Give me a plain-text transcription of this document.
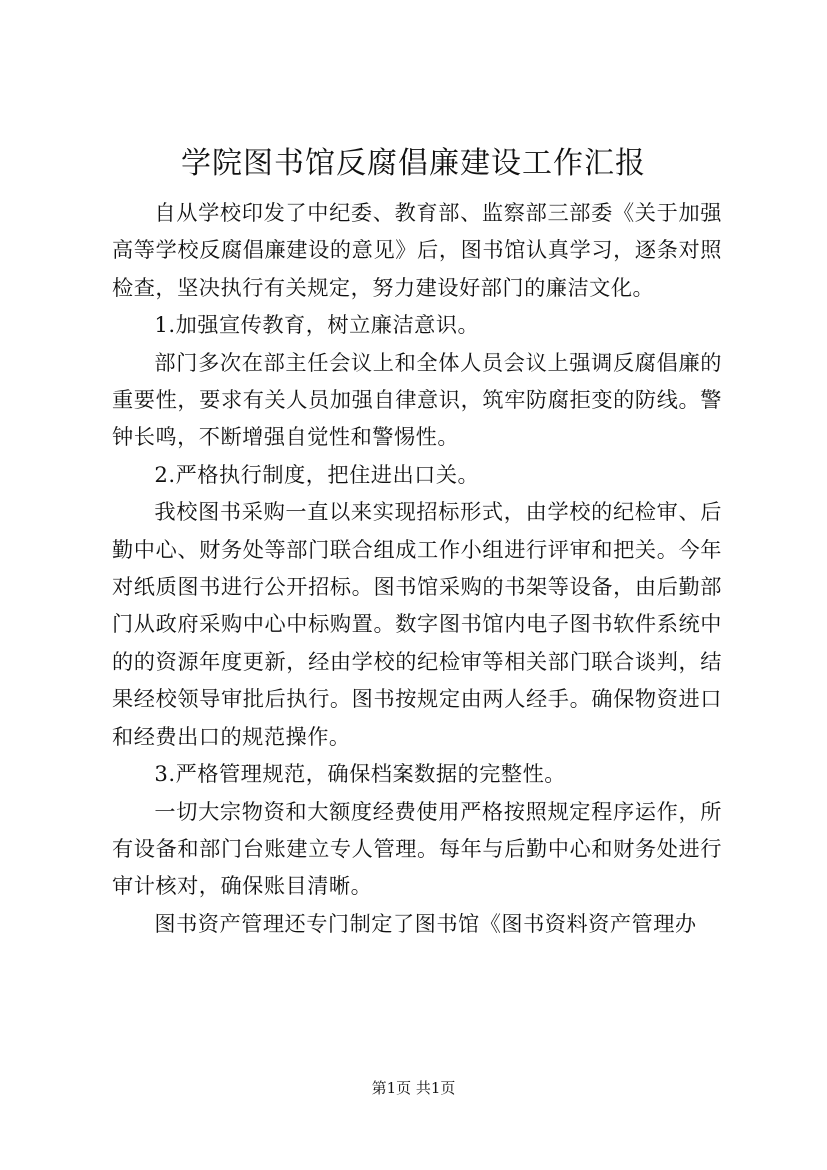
学院图书馆反腐倡廉建设工作汇报

自从学校印发了中纪委、教育部、监察部三部委《关于加强高等学校反腐倡廉建设的意见》后，图书馆认真学习，逐条对照检查，坚决执行有关规定，努力建设好部门的廉洁文化。

1.加强宣传教育，树立廉洁意识。

部门多次在部主任会议上和全体人员会议上强调反腐倡廉的重要性，要求有关人员加强自律意识，筑牢防腐拒变的防线。警钟长鸣，不断增强自觉性和警惕性。

2.严格执行制度，把住进出口关。

我校图书采购一直以来实现招标形式，由学校的纪检审、后勤中心、财务处等部门联合组成工作小组进行评审和把关。今年对纸质图书进行公开招标。图书馆采购的书架等设备，由后勤部门从政府采购中心中标购置。数字图书馆内电子图书软件系统中的的资源年度更新，经由学校的纪检审等相关部门联合谈判，结果经校领导审批后执行。图书按规定由两人经手。确保物资进口和经费出口的规范操作。

3.严格管理规范，确保档案数据的完整性。

一切大宗物资和大额度经费使用严格按照规定程序运作，所有设备和部门台账建立专人管理。每年与后勤中心和财务处进行审计核对，确保账目清晰。

图书资产管理还专门制定了图书馆《图书资料资产管理办

第1页 共1页
